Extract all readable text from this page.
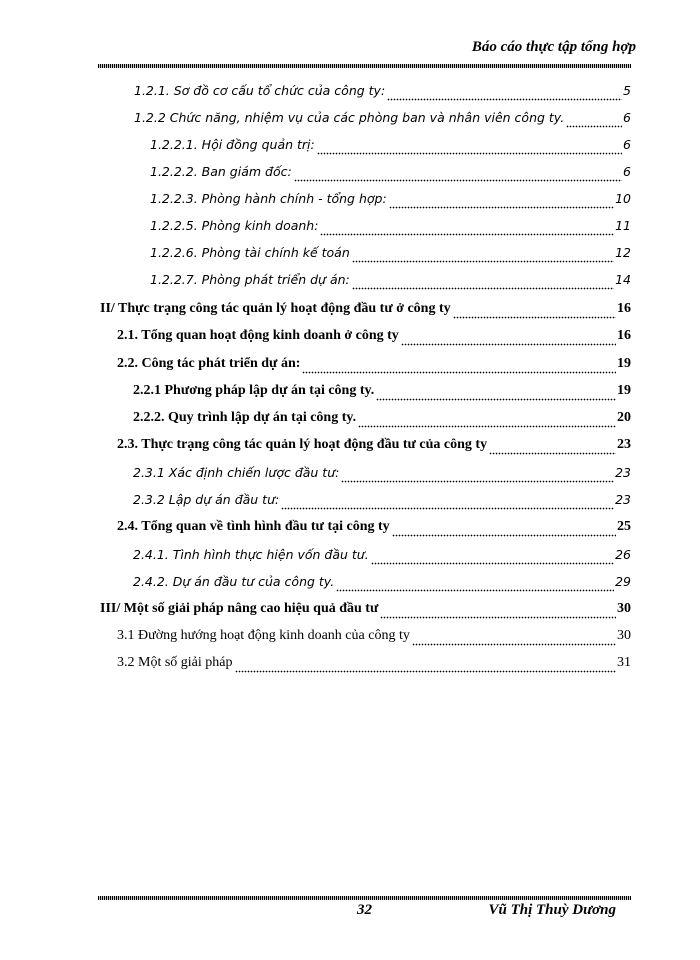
Báo cáo thực tập tổng hợp
1.2.1. Sơ đồ cơ cấu tổ chức của công ty:	5
1.2.2 Chức năng, nhiệm vụ của các phòng ban và nhân viên công ty.	6
1.2.2.1. Hội đồng quản trị:	6
1.2.2.2. Ban giám đốc:	6
1.2.2.3. Phòng hành chính - tổng hợp:	10
1.2.2.5. Phòng kinh doanh:	11
1.2.2.6. Phòng tài chính kế toán	12
1.2.2.7. Phòng phát triển dự án:	14
II/ Thực trạng công tác quản lý hoạt động đầu tư ở công ty	16
2.1. Tổng quan hoạt động kinh doanh ở công ty	16
2.2. Công tác phát triển dự án:	19
2.2.1 Phương pháp lập dự án tại công ty.	19
2.2.2. Quy trình lập dự án tại công ty.	20
2.3. Thực trạng công tác quản lý hoạt động đầu tư của công ty	23
2.3.1 Xác định chiến lược đầu tư:	23
2.3.2 Lập dự án đầu tư:	23
2.4. Tổng quan về tình hình đầu tư tại công ty	25
2.4.1. Tình hình thực hiện vốn đầu tư.	26
2.4.2. Dự án đầu tư của công ty.	29
III/ Một số giải pháp nâng cao hiệu quả đầu tư	30
3.1 Đường hướng hoạt động kinh doanh của công ty	30
3.2 Một số giải pháp	31
32	Vũ Thị Thuỳ Dương
